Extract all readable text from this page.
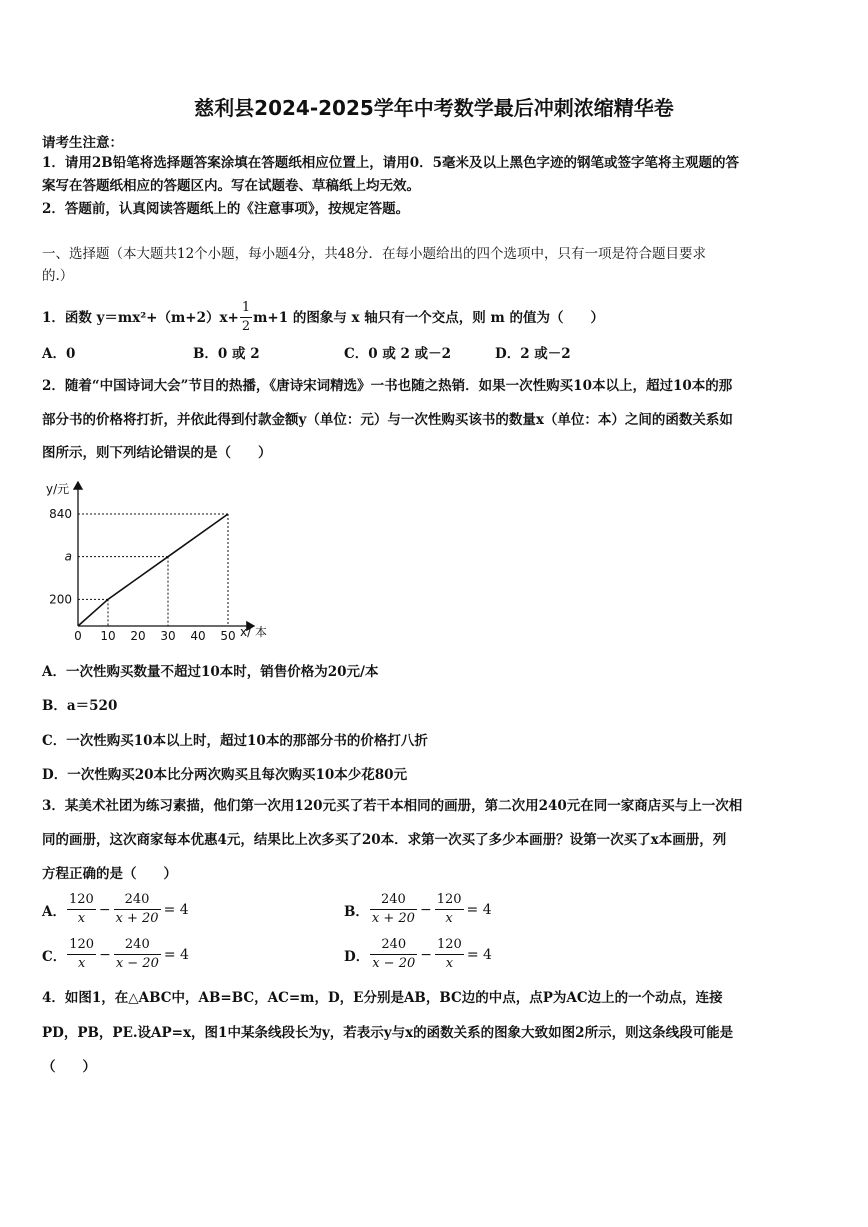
慈利县2024-2025学年中考数学最后冲刺浓缩精华卷
请考生注意：
1．请用2B铅笔将选择题答案涂填在答题纸相应位置上，请用0．5毫米及以上黑色字迹的钢笔或签字笔将主观题的答
案写在答题纸相应的答题区内。写在试题卷、草稿纸上均无效。
2．答题前，认真阅读答题纸上的《注意事项》，按规定答题。
一、选择题（本大题共12个小题，每小题4分，共48分．在每小题给出的四个选项中，只有一项是符合题目要求
的.）
1．函数 $y=mx^2+(m+2)x+ \frac{1}{2} m+1$ 的图象与 x 轴只有一个交点，则 m 的值为（　　）
A．0	B．0 或 2	C．0 或 2 或－2	D．2 或－2
2．随着“中国诗词大会”节目的热播，《唐诗宋词精选》一书也随之热销．如果一次性购买10本以上，超过10本的那
部分书的价格将打折，并依此得到付款金额y（单位：元）与一次性购买该书的数量x（单位：本）之间的函数关系如
图所示，则下列结论错误的是（　　）
y/元
x/ 本
0 10 20 30 40 50
200
a
840
A．一次性购买数量不超过10本时，销售价格为20元/本
B．a＝520
C．一次性购买10本以上时，超过10本的那部分书的价格打八折
D．一次性购买20本比分两次购买且每次购买10本少花80元
3．某美术社团为练习素描，他们第一次用120元买了若干本相同的画册，第二次用240元在同一家商店买与上一次相
同的画册，这次商家每本优惠4元，结果比上次多买了20本．求第一次买了多少本画册？设第一次买了x本画册，列
方程正确的是（　　）
A． $\frac{120}{x} - \frac{240}{x + 20} = 4$	B． $\frac{240}{x + 20} - \frac{120}{x} = 4$
C． $\frac{120}{x} - \frac{240}{x - 20} = 4$	D． $\frac{240}{x - 20} - \frac{120}{x} = 4$
4．如图1，在△ABC中，AB=BC，AC=m，D，E分别是AB，BC边的中点，点P为AC边上的一个动点，连接
PD，PB，PE.设AP=x，图1中某条线段长为y，若表示y与x的函数关系的图象大致如图2所示，则这条线段可能是
（　　）
